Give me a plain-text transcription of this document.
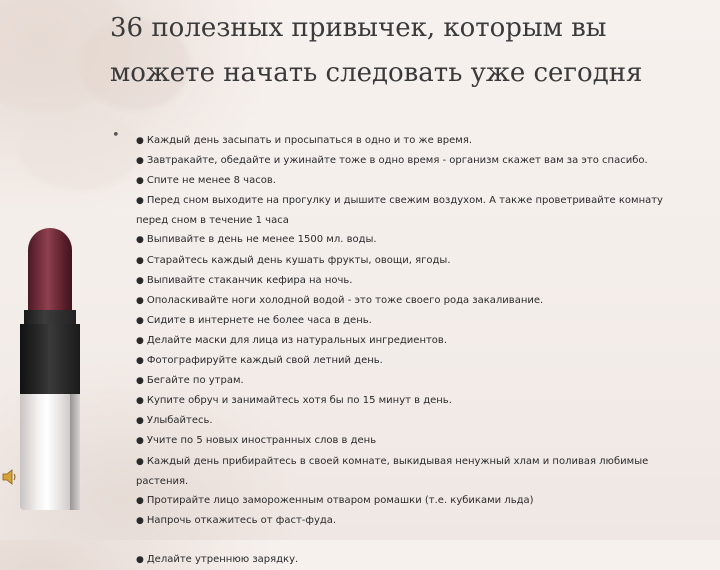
36 полезных привычек, которым вы можете начать следовать уже сегодня
• ● Каждый день засыпать и просыпаться в одно и то же время.
● Завтракайте, обедайте и ужинайте тоже в одно время - организм скажет вам за это спасибо.
● Спите не менее 8 часов.
● Перед сном выходите на прогулку и дышите свежим воздухом. А также проветривайте комнату перед сном в течение 1 часа
● Выпивайте в день не менее 1500 мл. воды.
● Старайтесь каждый день кушать фрукты, овощи, ягоды.
● Выпивайте стаканчик кефира на ночь.
● Ополаскивайте ноги холодной водой - это тоже своего рода закаливание.
● Сидите в интернете не более часа в день.
● Делайте маски для лица из натуральных ингредиентов.
● Фотографируйте каждый свой летний день.
● Бегайте по утрам.
● Купите обруч и занимайтесь хотя бы по 15 минут в день.
● Улыбайтесь.
● Учите по 5 новых иностранных слов в день
● Каждый день прибирайтесь в своей комнате, выкидывая ненужный хлам и поливая любимые растения.
● Протирайте лицо замороженным отваром ромашки (т.е. кубиками льда)
● Напрочь откажитесь от фаст-фуда.
● Делайте утреннюю зарядку.
